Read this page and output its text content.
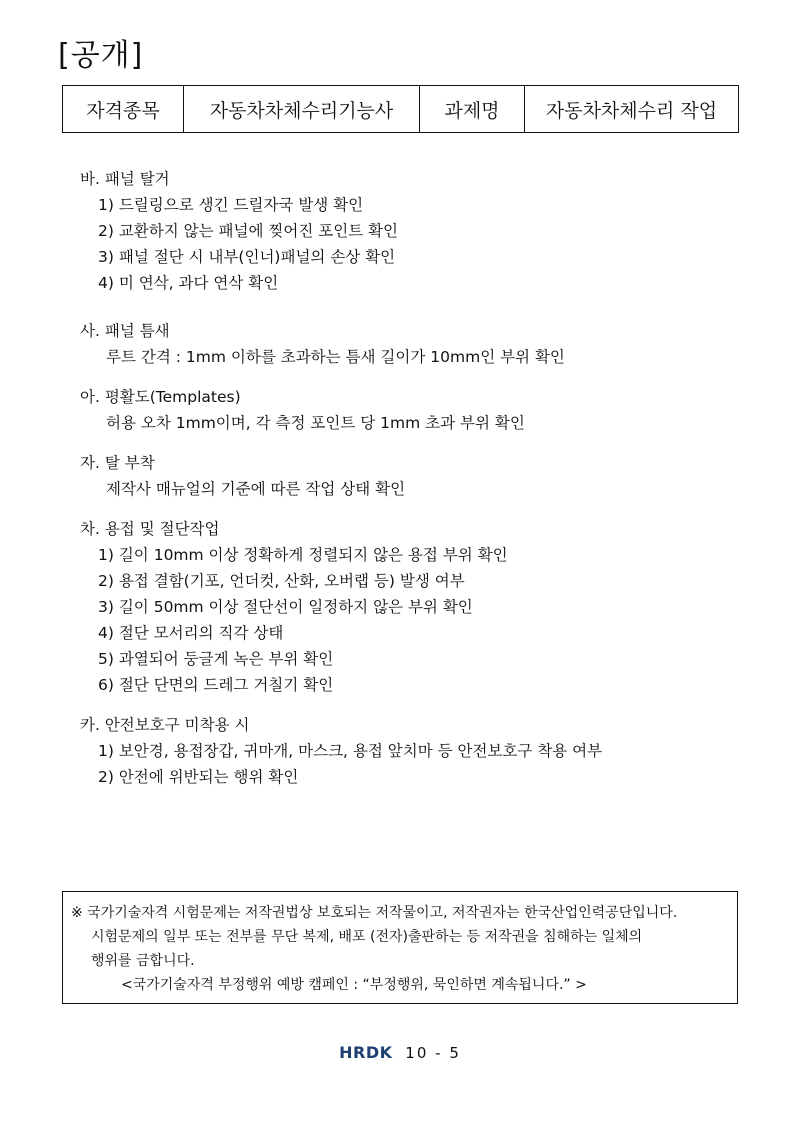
[공개]
자격종목	자동차차체수리기능사	과제명	자동차차체수리 작업
바. 패널 탈거
1) 드릴링으로 생긴 드릴자국 발생 확인
2) 교환하지 않는 패널에 찢어진 포인트 확인
3) 패널 절단 시 내부(인너)패널의 손상 확인
4) 미 연삭, 과다 연삭 확인
사. 패널 틈새
루트 간격 : 1mm 이하를 초과하는 틈새 길이가 10mm인 부위 확인
아. 평활도(Templates)
허용 오차 1mm이며, 각 측정 포인트 당 1mm 초과 부위 확인
자. 탈 부착
제작사 매뉴얼의 기준에 따른 작업 상태 확인
차. 용접 및 절단작업
1) 길이 10mm 이상 정확하게 정렬되지 않은 용접 부위 확인
2) 용접 결함(기포, 언더컷, 산화, 오버랩 등) 발생 여부
3) 길이 50mm 이상 절단선이 일정하지 않은 부위 확인
4) 절단 모서리의 직각 상태
5) 과열되어 둥글게 녹은 부위 확인
6) 절단 단면의 드레그 거칠기 확인
카. 안전보호구 미착용 시
1) 보안경, 용접장갑, 귀마개, 마스크, 용접 앞치마 등 안전보호구 착용 여부
2) 안전에 위반되는 행위 확인
※ 국가기술자격 시험문제는 저작권법상 보호되는 저작물이고, 저작권자는 한국산업인력공단입니다.
시험문제의 일부 또는 전부를 무단 복제, 배포 (전자)출판하는 등 저작권을 침해하는 일체의
행위를 금합니다.
<국가기술자격 부정행위 예방 캠페인 : “부정행위, 묵인하면 계속됩니다.” >
HRDK 10 - 5
